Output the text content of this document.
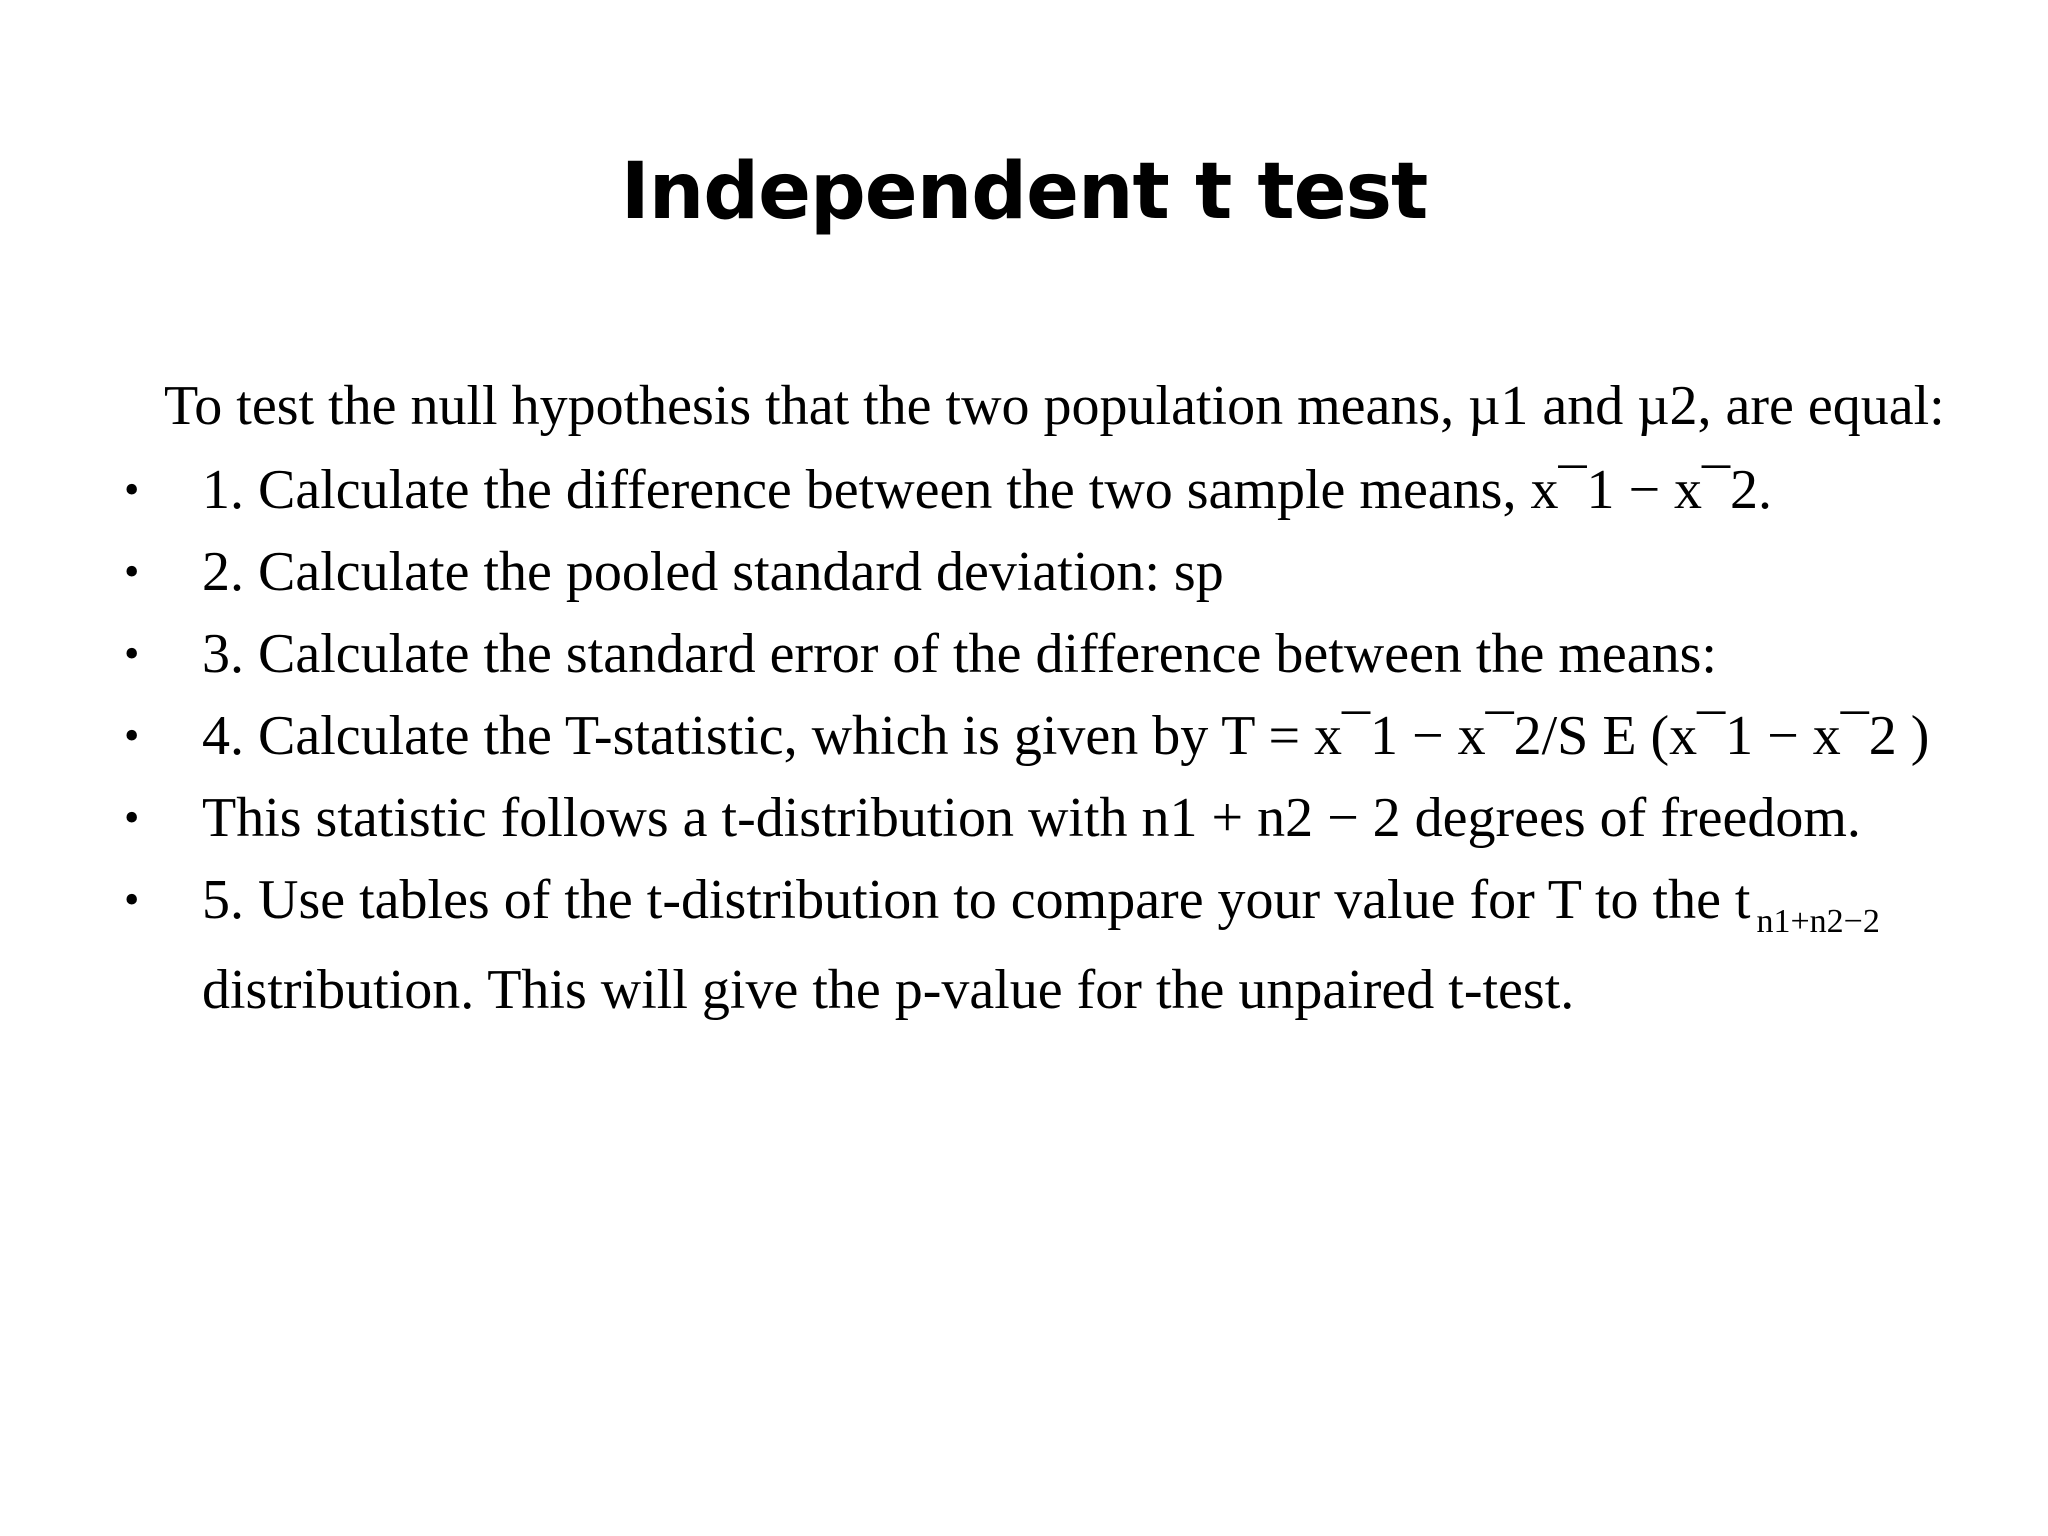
Independent t test

To test the null hypothesis that the two population means, µ1 and µ2, are equal:

•	1. Calculate the difference between the two sample means, x¯1 − x¯2.
•	2. Calculate the pooled standard deviation: sp
•	3. Calculate the standard error of the difference between the means:
•	4. Calculate the T-statistic, which is given by T = x¯1 − x¯2/S E (x¯1 − x¯2 )
•	This statistic follows a t-distribution with n1 + n2 − 2 degrees of freedom.
•	5. Use tables of the t-distribution to compare your value for T to the t $_{n1+n2-2}$
distribution. This will give the p-value for the unpaired t-test.
